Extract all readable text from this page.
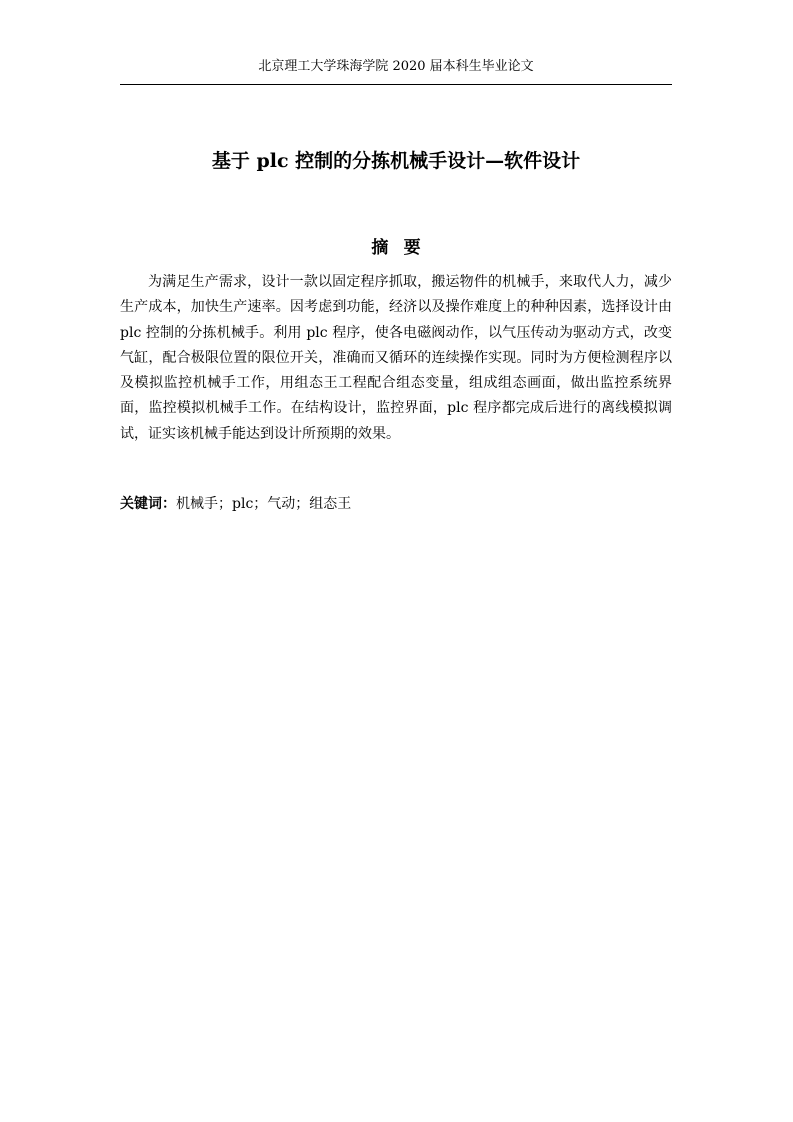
北京理工大学珠海学院 2020 届本科生毕业论文
基于 plc 控制的分拣机械手设计—软件设计
摘要

为满足生产需求，设计一款以固定程序抓取，搬运物件的机械手，来取代人力，减少生产成本，加快生产速率。因考虑到功能，经济以及操作难度上的种种因素，选择设计由 plc 控制的分拣机械手。利用 plc 程序，使各电磁阀动作，以气压传动为驱动方式，改变气缸，配合极限位置的限位开关，准确而又循环的连续操作实现。同时为方便检测程序以及模拟监控机械手工作，用组态王工程配合组态变量，组成组态画面，做出监控系统界面，监控模拟机械手工作。在结构设计，监控界面，plc 程序都完成后进行的离线模拟调试，证实该机械手能达到设计所预期的效果。

关键词：机械手；plc；气动；组态王
